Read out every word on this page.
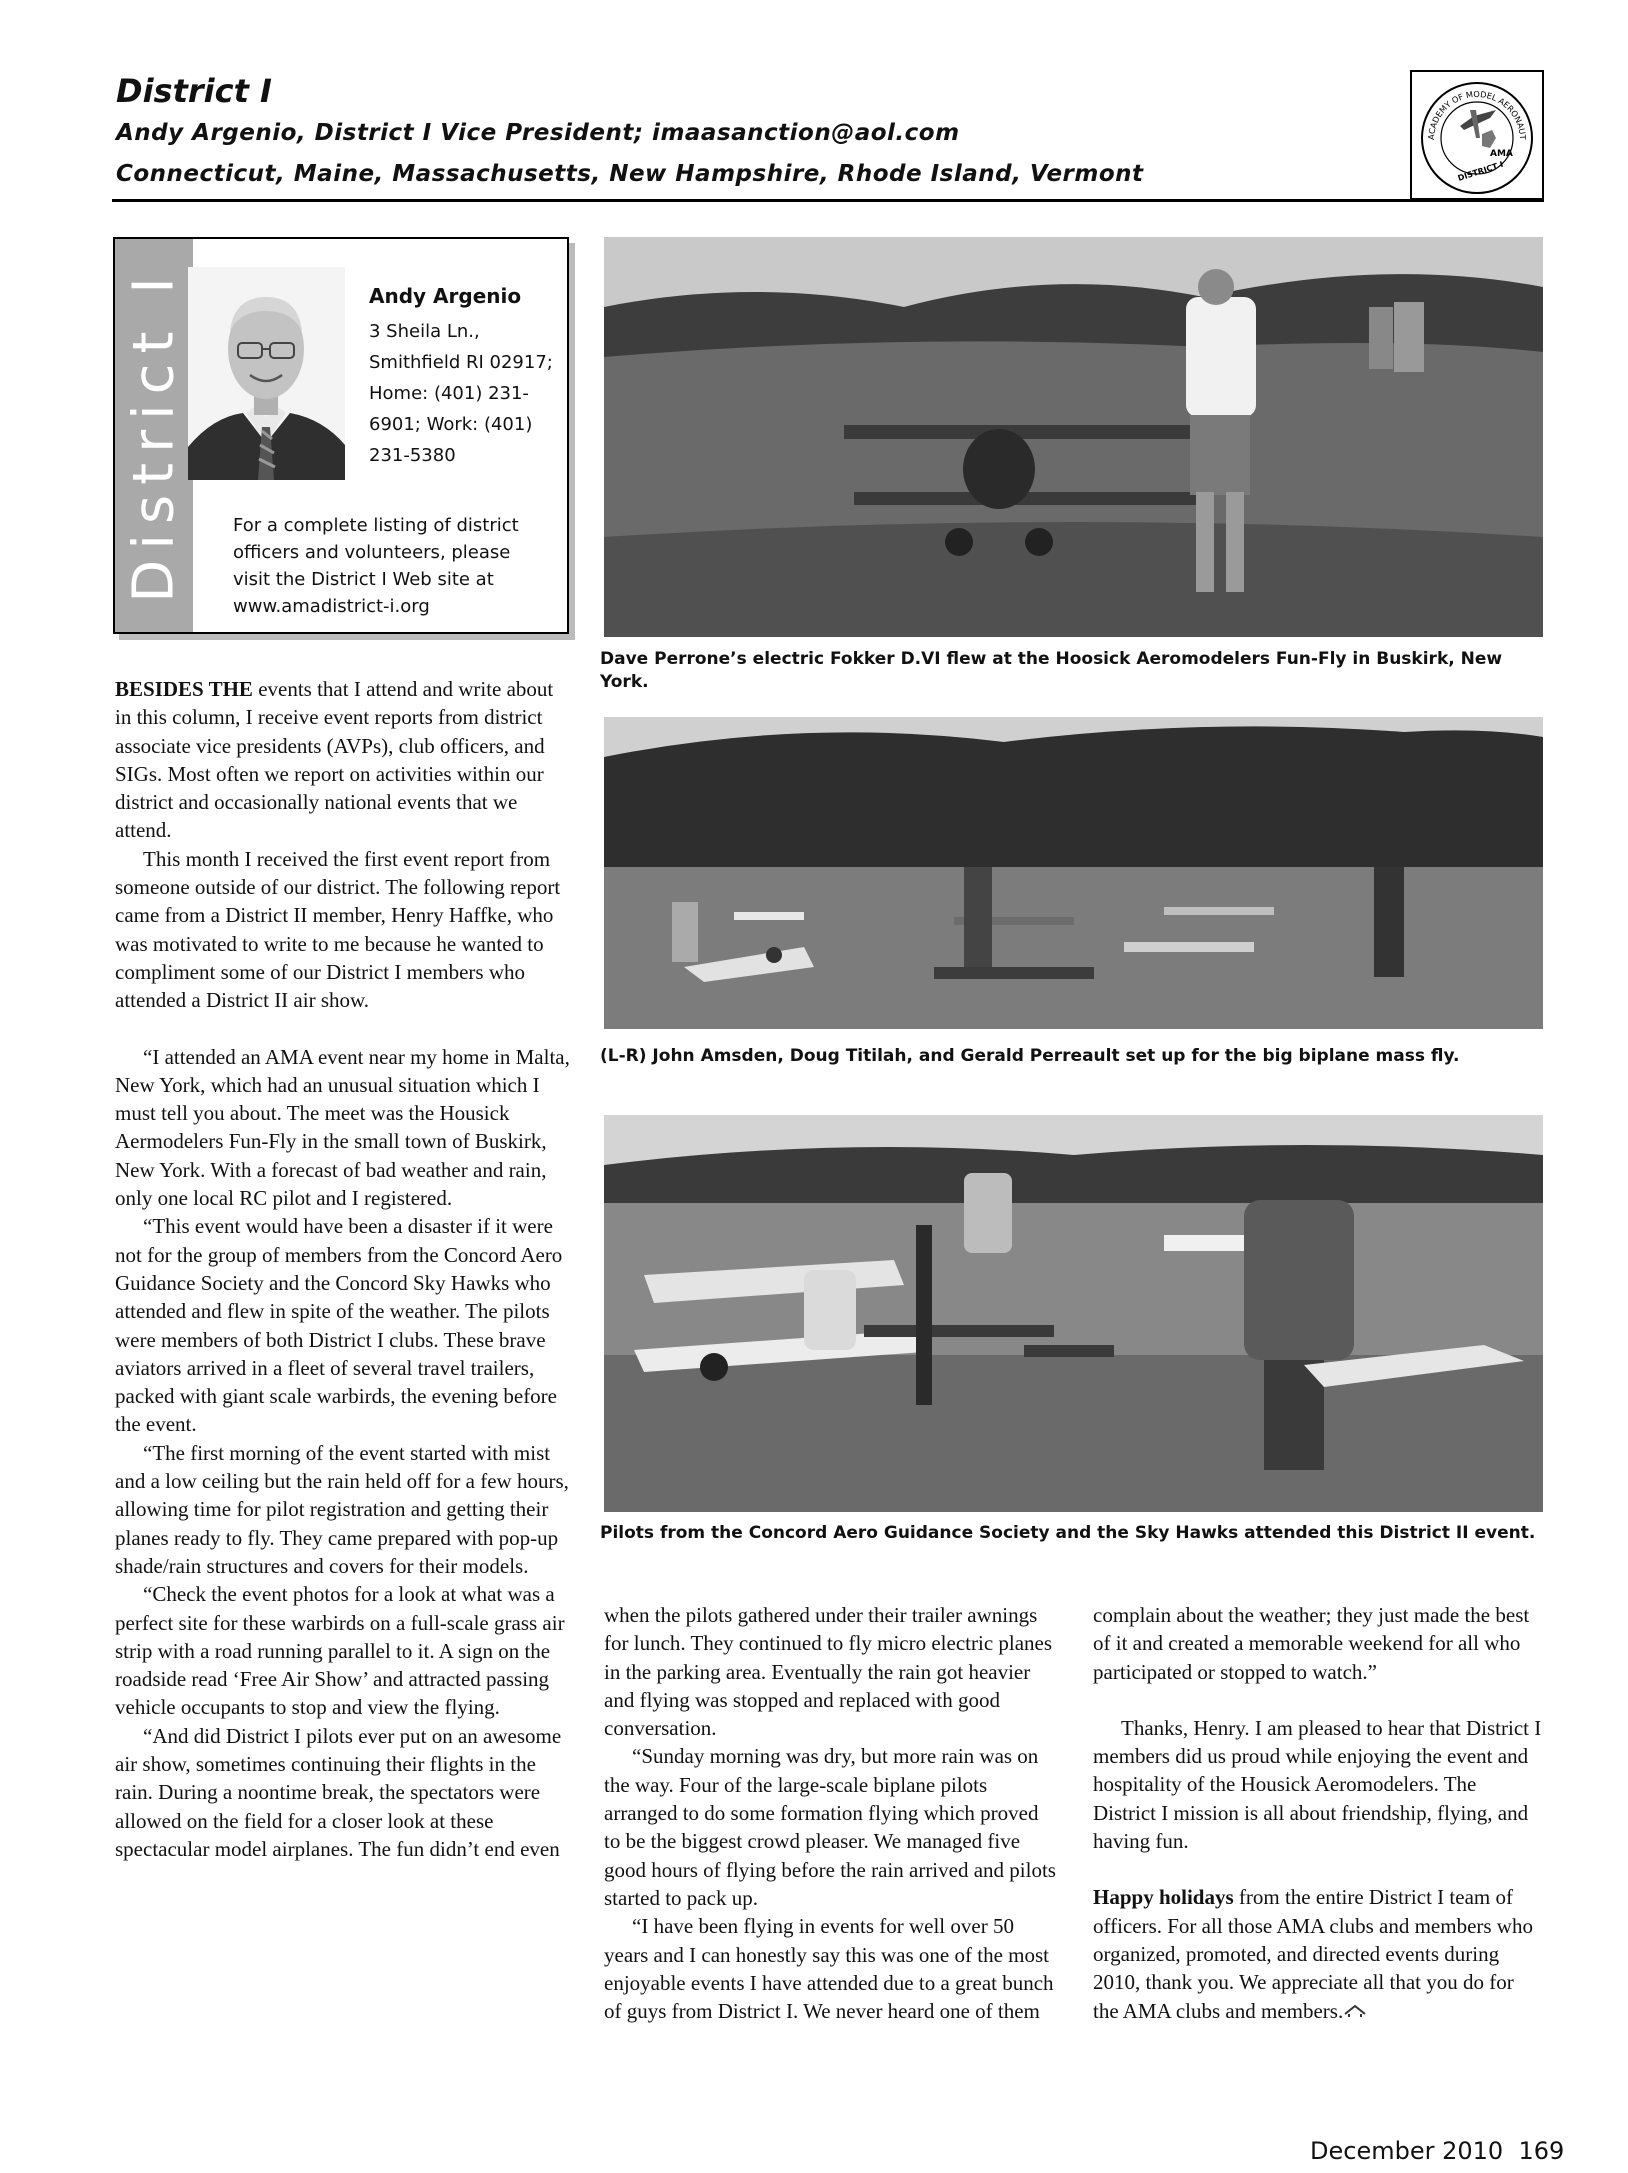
District I
Andy Argenio, District I Vice President; imaasanction@aol.com
Connecticut, Maine, Massachusetts, New Hampshire, Rhode Island, Vermont
ACADEMY OF MODEL AERONAUT
AMA
DISTRICT I
District I	Andy Argenio
3 Sheila Ln., Smithfield RI 02917; Home: (401) 231-6901; Work: (401) 231-5380
For a complete listing of district officers and volunteers, please visit the District I Web site at www.amadistrict-i.org
Dave Perrone’s electric Fokker D.VI flew at the Hoosick Aeromodelers Fun-Fly in Buskirk, New York.
(L-R) John Amsden, Doug Titilah, and Gerald Perreault set up for the big biplane mass fly.
Pilots from the Concord Aero Guidance Society and the Sky Hawks attended this District II event.

BESIDES THE events that I attend and write about in this column, I receive event reports from district associate vice presidents (AVPs), club officers, and SIGs. Most often we report on activities within our district and occasionally national events that we attend.

This month I received the first event report from someone outside of our district. The following report came from a District II member, Henry Haffke, who was motivated to write to me because he wanted to compliment some of our District I members who attended a District II air show.

“I attended an AMA event near my home in Malta, New York, which had an unusual situation which I must tell you about. The meet was the Housick Aermodelers Fun-Fly in the small town of Buskirk, New York. With a forecast of bad weather and rain, only one local RC pilot and I registered.

“This event would have been a disaster if it were not for the group of members from the Concord Aero Guidance Society and the Concord Sky Hawks who attended and flew in spite of the weather. The pilots were members of both District I clubs. These brave aviators arrived in a fleet of several travel trailers, packed with giant scale warbirds, the evening before the event.

“The first morning of the event started with mist and a low ceiling but the rain held off for a few hours, allowing time for pilot registration and getting their planes ready to fly. They came prepared with pop-up shade/rain structures and covers for their models.

“Check the event photos for a look at what was a perfect site for these warbirds on a full-scale grass air strip with a road running parallel to it. A sign on the roadside read ‘Free Air Show’ and attracted passing vehicle occupants to stop and view the flying.

“And did District I pilots ever put on an awesome air show, sometimes continuing their flights in the rain. During a noontime break, the spectators were allowed on the field for a closer look at these spectacular model airplanes. The fun didn’t end even

when the pilots gathered under their trailer awnings for lunch. They continued to fly micro electric planes in the parking area. Eventually the rain got heavier and flying was stopped and replaced with good conversation.

“Sunday morning was dry, but more rain was on the way. Four of the large-scale biplane pilots arranged to do some formation flying which proved to be the biggest crowd pleaser. We managed five good hours of flying before the rain arrived and pilots started to pack up.

“I have been flying in events for well over 50 years and I can honestly say this was one of the most enjoyable events I have attended due to a great bunch of guys from District I. We never heard one of them

complain about the weather; they just made the best of it and created a memorable weekend for all who participated or stopped to watch.”

Thanks, Henry. I am pleased to hear that District I members did us proud while enjoying the event and hospitality of the Housick Aeromodelers. The District I mission is all about friendship, flying, and having fun.

Happy holidays from the entire District I team of officers. For all those AMA clubs and members who organized, promoted, and directed events during 2010, thank you. We appreciate all that you do for the AMA clubs and members.

December 2010 169
